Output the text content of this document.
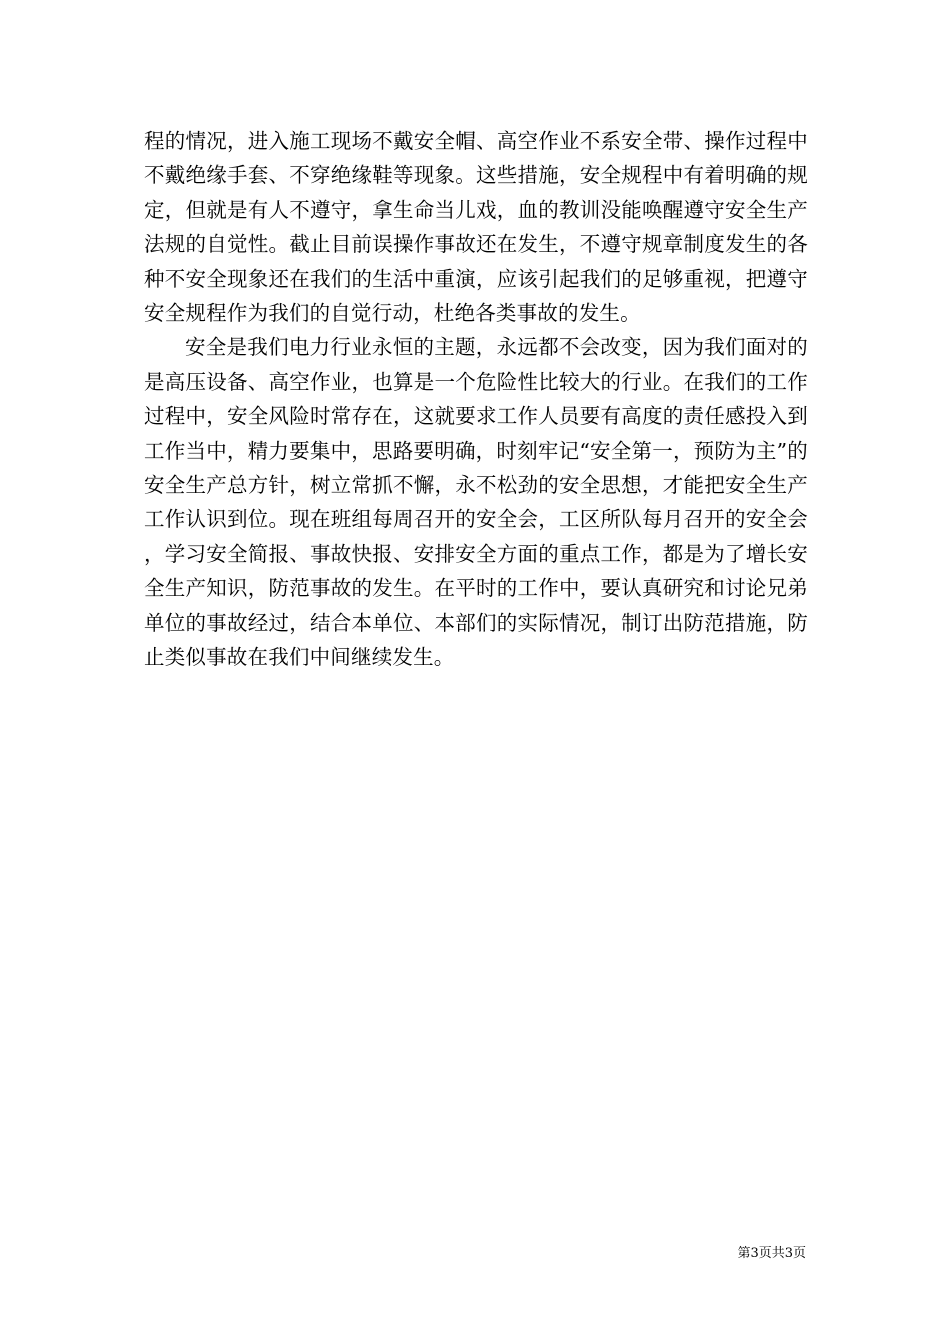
程的情况，进入施工现场不戴安全帽、高空作业不系安全带、操作过程中不戴绝缘手套、不穿绝缘鞋等现象。这些措施，安全规程中有着明确的规定，但就是有人不遵守，拿生命当儿戏，血的教训没能唤醒遵守安全生产法规的自觉性。截止目前误操作事故还在发生，不遵守规章制度发生的各种不安全现象还在我们的生活中重演，应该引起我们的足够重视，把遵守安全规程作为我们的自觉行动，杜绝各类事故的发生。

安全是我们电力行业永恒的主题，永远都不会改变，因为我们面对的是高压设备、高空作业，也算是一个危险性比较大的行业。在我们的工作过程中，安全风险时常存在，这就要求工作人员要有高度的责任感投入到工作当中，精力要集中，思路要明确，时刻牢记“安全第一，预防为主”的安全生产总方针，树立常抓不懈，永不松劲的安全思想，才能把安全生产工作认识到位。现在班组每周召开的安全会，工区所队每月召开的安全会，学习安全简报、事故快报、安排安全方面的重点工作，都是为了增长安全生产知识，防范事故的发生。在平时的工作中，要认真研究和讨论兄弟单位的事故经过，结合本单位、本部们的实际情况，制订出防范措施，防止类似事故在我们中间继续发生。

第3页共3页
